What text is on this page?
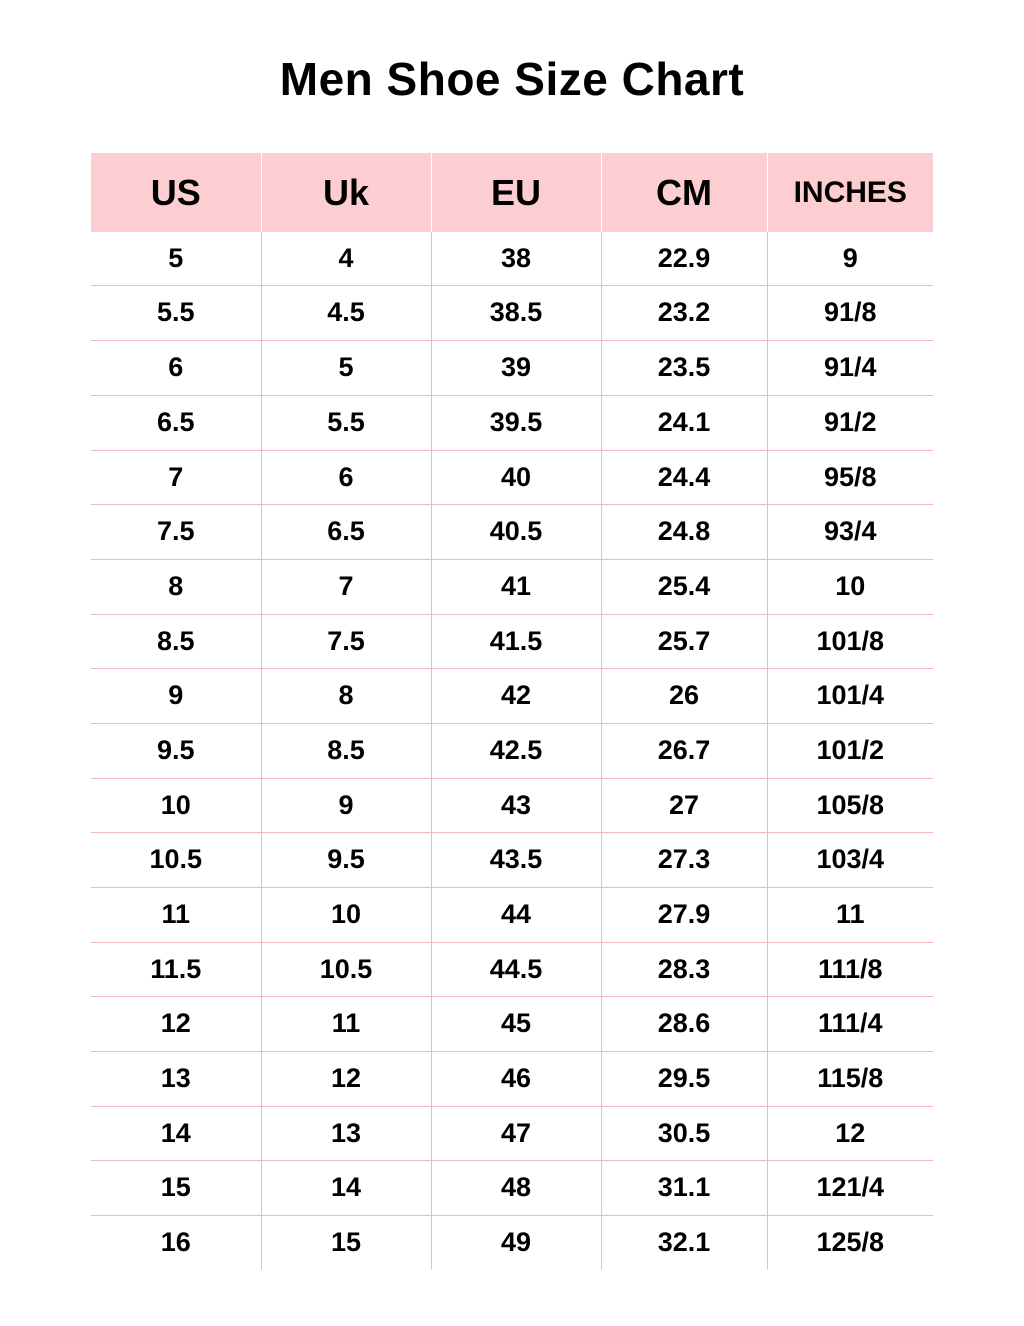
Men Shoe Size Chart
US	Uk	EU	CM	INCHES
5	4	38	22.9	9
5.5	4.5	38.5	23.2	91/8
6	5	39	23.5	91/4
6.5	5.5	39.5	24.1	91/2
7	6	40	24.4	95/8
7.5	6.5	40.5	24.8	93/4
8	7	41	25.4	10
8.5	7.5	41.5	25.7	101/8
9	8	42	26	101/4
9.5	8.5	42.5	26.7	101/2
10	9	43	27	105/8
10.5	9.5	43.5	27.3	103/4
11	10	44	27.9	11
11.5	10.5	44.5	28.3	111/8
12	11	45	28.6	111/4
13	12	46	29.5	115/8
14	13	47	30.5	12
15	14	48	31.1	121/4
16	15	49	32.1	125/8
